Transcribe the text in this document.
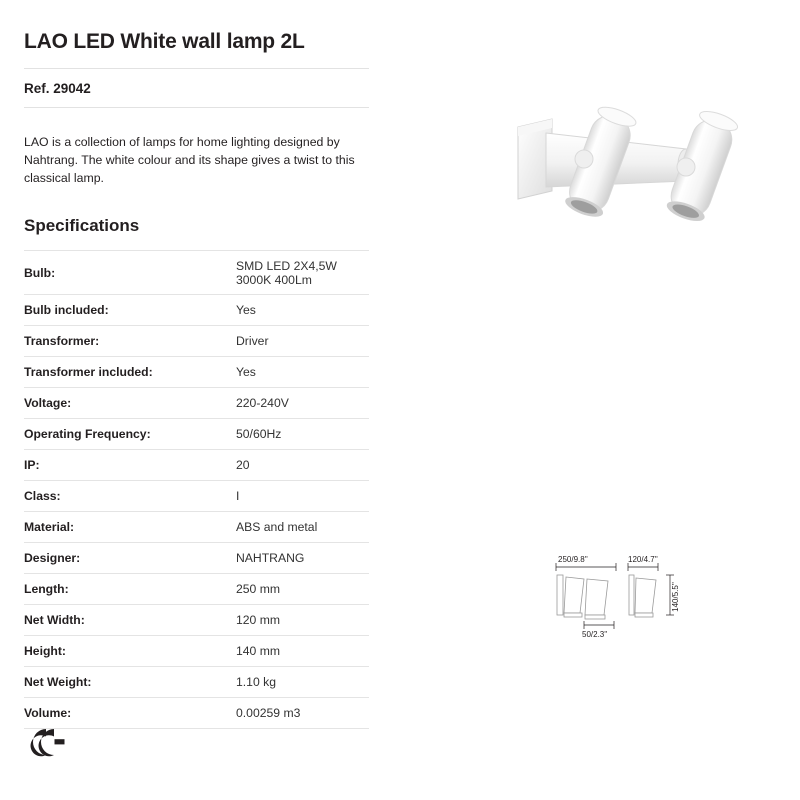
LAO LED White wall lamp 2L
Ref. 29042

LAO is a collection of lamps for home lighting designed by Nahtrang. The white colour and its shape gives a twist to this classical lamp.

Specifications
Bulb:	SMD LED 2X4,5W 3000K 400Lm
Bulb included:	Yes
Transformer:	Driver
Transformer included:	Yes
Voltage:	220-240V
Operating Frequency:	50/60Hz
IP:	20
Class:	I
Material:	ABS and metal
Designer:	NAHTRANG
Length:	250 mm
Net Width:	120 mm
Height:	140 mm
Net Weight:	1.10 kg
Volume:	0.00259 m3
250/9.8''	120/4.7''
140/5.5''
50/2.3''
